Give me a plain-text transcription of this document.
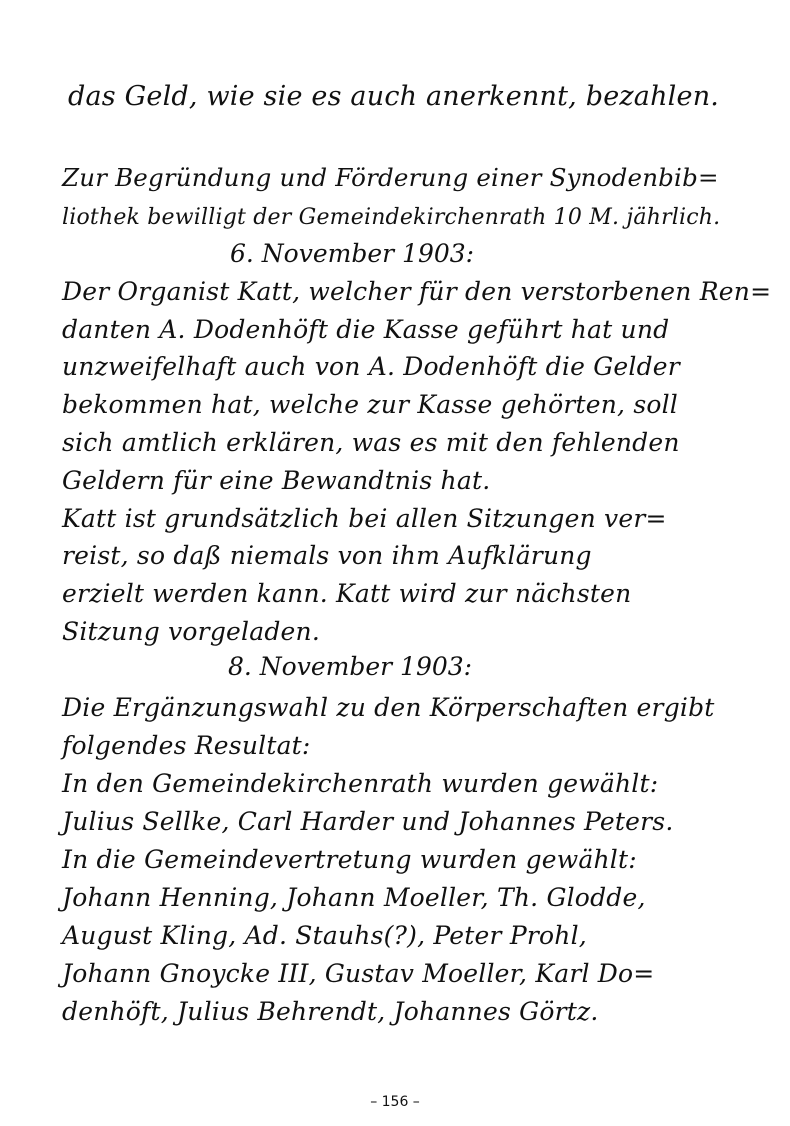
das Geld, wie sie es auch anerkennt, bezahlen.
Zur Begründung und Förderung einer Synodenbib=
liothek bewilligt der Gemeindekirchenrath 10 M. jährlich.
6. November 1903:
Der Organist Katt, welcher für den verstorbenen Ren=
danten A. Dodenhöft die Kasse geführt hat und
unzweifelhaft auch von A. Dodenhöft die Gelder
bekommen hat, welche zur Kasse gehörten, soll
sich amtlich erklären, was es mit den fehlenden
Geldern für eine Bewandtnis hat.
Katt ist grundsätzlich bei allen Sitzungen ver=
reist, so daß niemals von ihm Aufklärung
erzielt werden kann. Katt wird zur nächsten
Sitzung vorgeladen.
8. November 1903:
Die Ergänzungswahl zu den Körperschaften ergibt
folgendes Resultat:
In den Gemeindekirchenrath wurden gewählt:
Julius Sellke, Carl Harder und Johannes Peters.
In die Gemeindevertretung wurden gewählt:
Johann Henning, Johann Moeller, Th. Glodde,
August Kling, Ad. Stauhs(?), Peter Prohl,
Johann Gnoycke III, Gustav Moeller, Karl Do=
denhöft, Julius Behrendt, Johannes Görtz.
– 156 –
